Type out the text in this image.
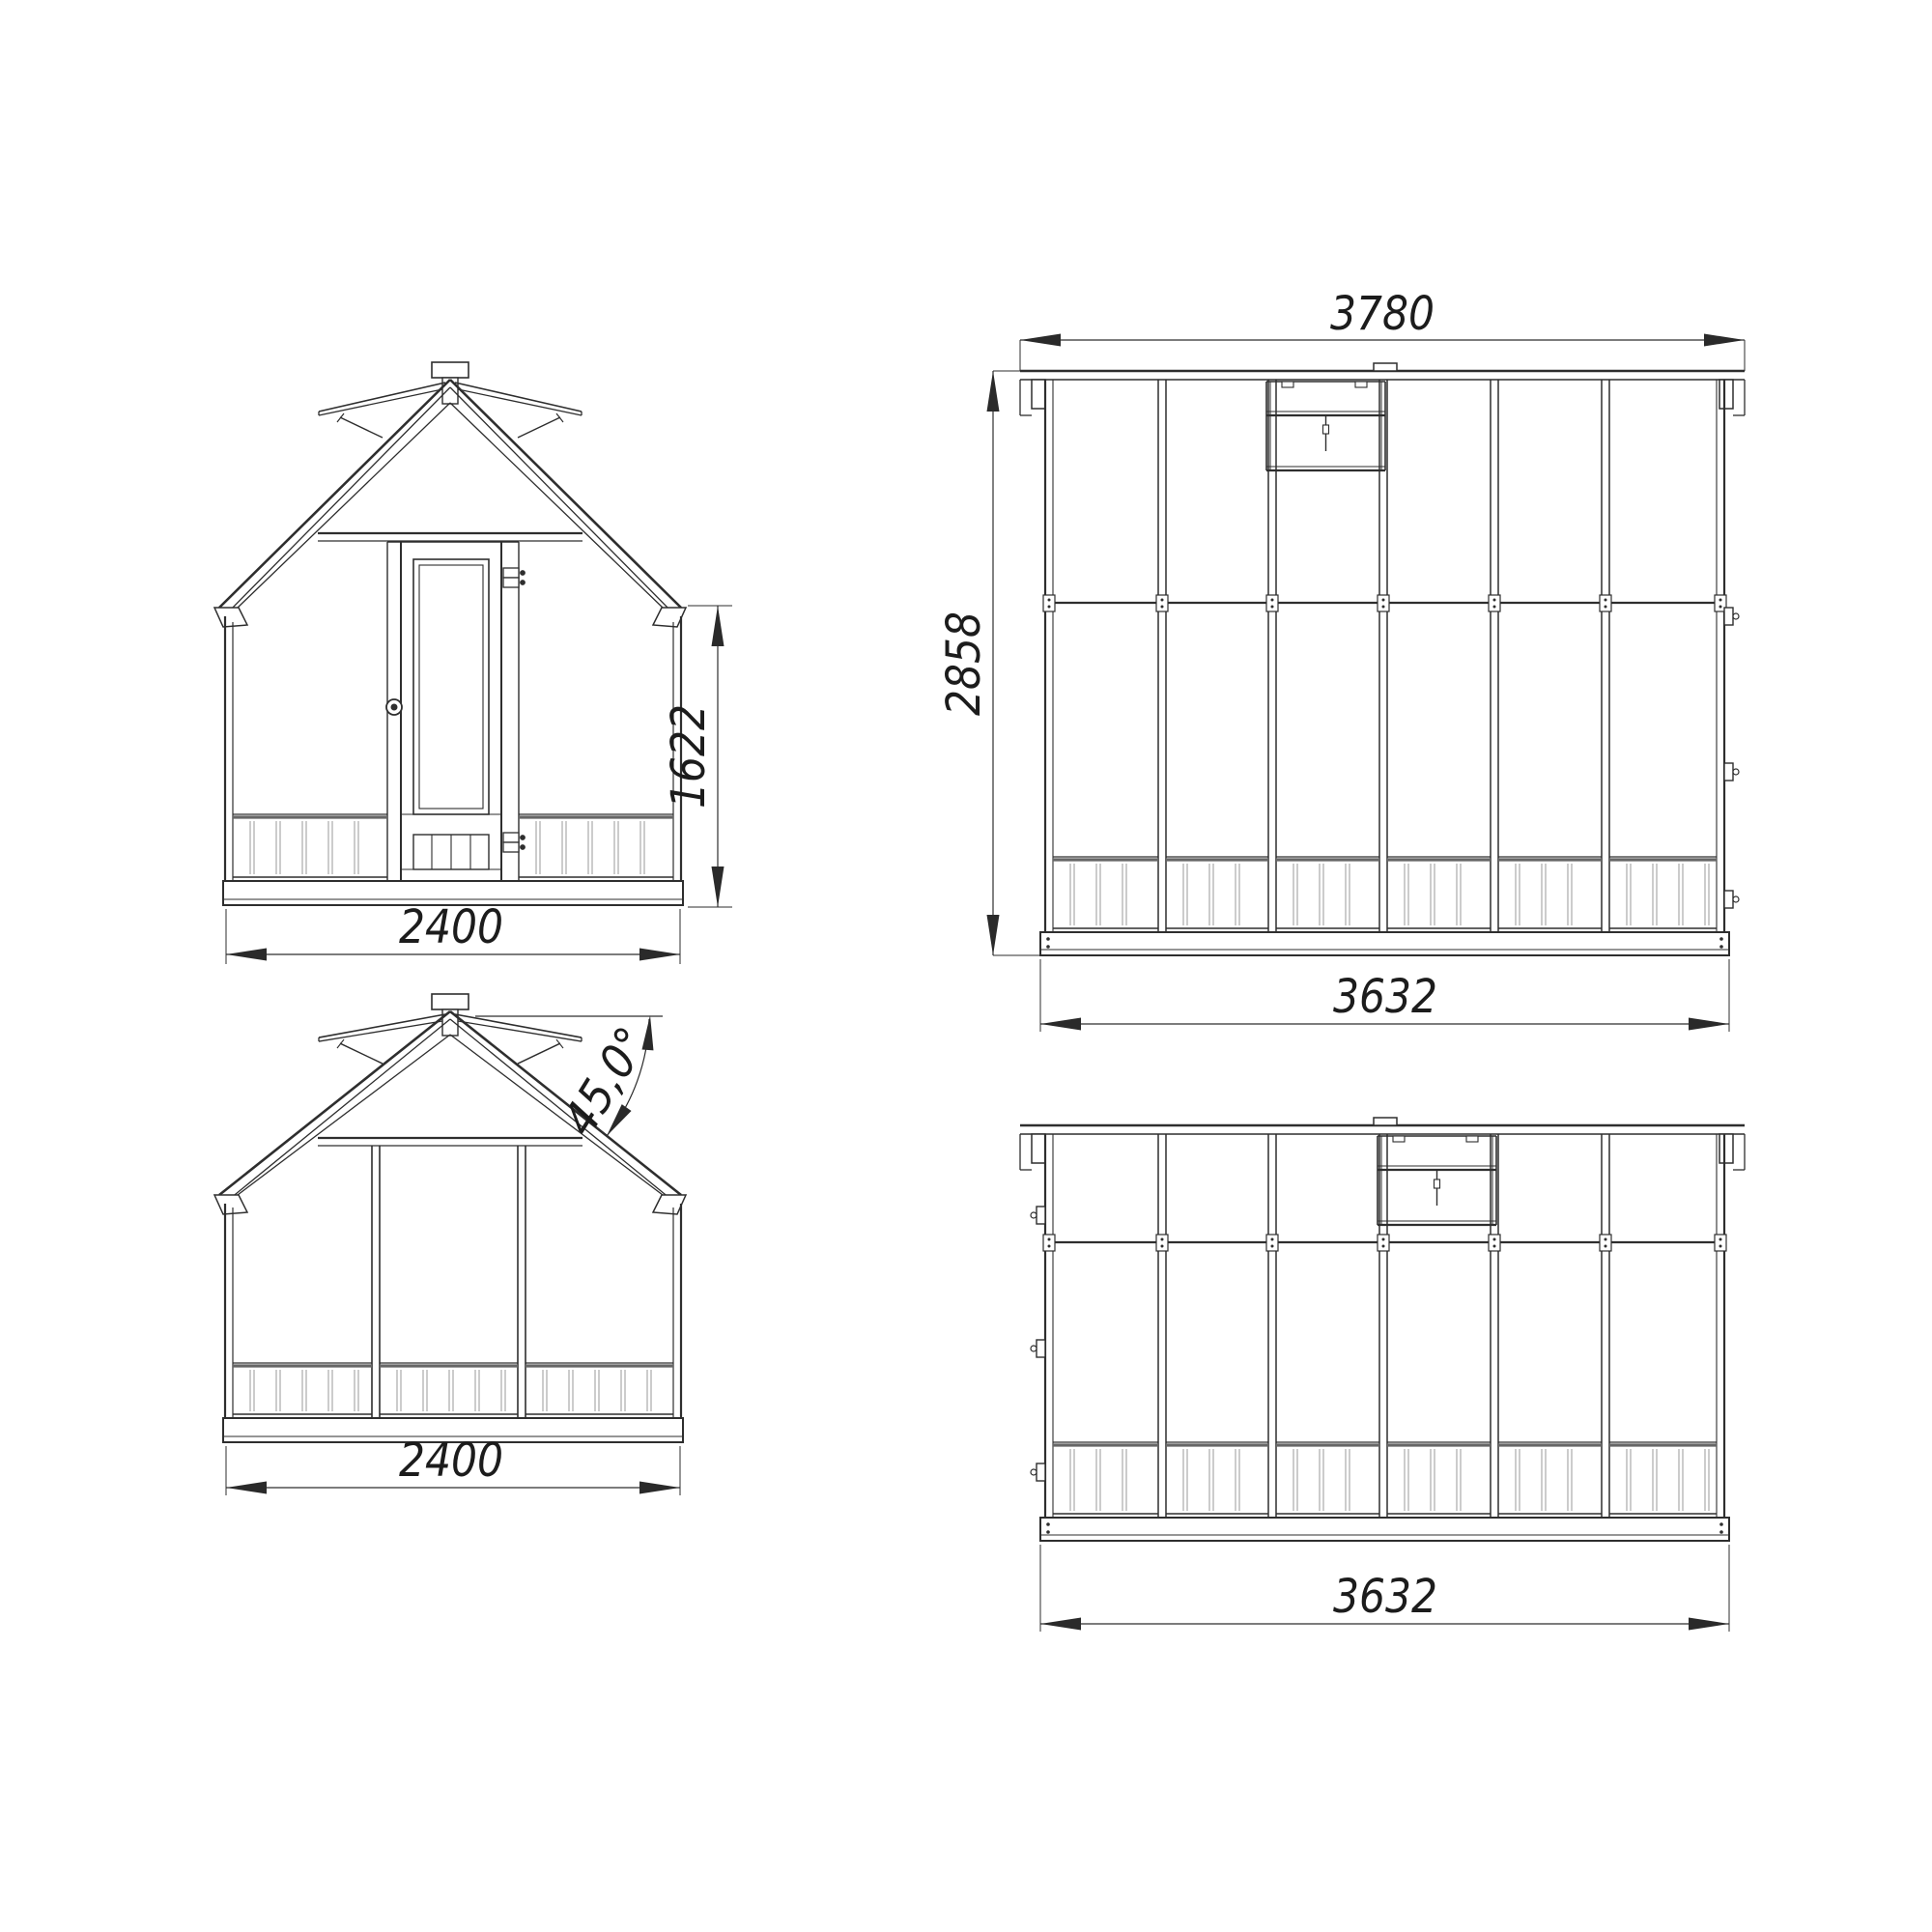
2400
1622
2400
45,0°
3780
2858
3632
3632
